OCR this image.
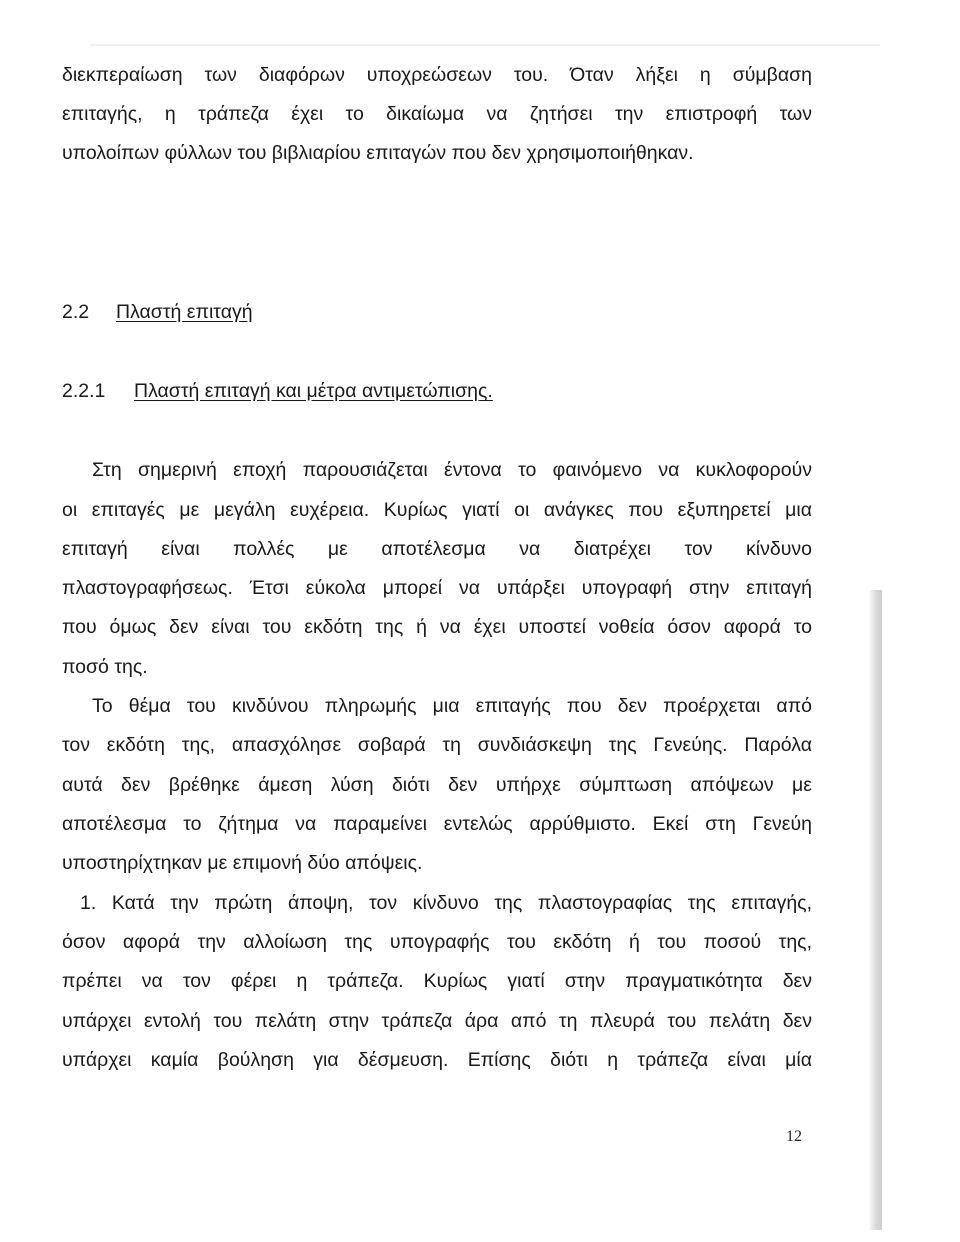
διεκπεραίωση των διαφόρων υποχρεώσεων του. Όταν λήξει η σύμβαση
επιταγής, η τράπεζα έχει το δικαίωμα να ζητήσει την επιστροφή των
υπολοίπων φύλλων του βιβλιαρίου επιταγών που δεν χρησιμοποιήθηκαν.
2.2 Πλαστή επιταγή
2.2.1 Πλαστή επιταγή και μέτρα αντιμετώπισης.
Στη σημερινή εποχή παρουσιάζεται έντονα το φαινόμενο να κυκλοφορούν
οι επιταγές με μεγάλη ευχέρεια. Κυρίως γιατί οι ανάγκες που εξυπηρετεί μια
επιταγή είναι πολλές με αποτέλεσμα να διατρέχει τον κίνδυνο
πλαστογραφήσεως. Έτσι εύκολα μπορεί να υπάρξει υπογραφή στην επιταγή
που όμως δεν είναι του εκδότη της ή να έχει υποστεί νοθεία όσον αφορά το
ποσό της.
Το θέμα του κινδύνου πληρωμής μια επιταγής που δεν προέρχεται από
τον εκδότη της, απασχόλησε σοβαρά τη συνδιάσκεψη της Γενεύης. Παρόλα
αυτά δεν βρέθηκε άμεση λύση διότι δεν υπήρχε σύμπτωση απόψεων με
αποτέλεσμα το ζήτημα να παραμείνει εντελώς αρρύθμιστο. Εκεί στη Γενεύη
υποστηρίχτηκαν με επιμονή δύο απόψεις.
1. Κατά την πρώτη άποψη, τον κίνδυνο της πλαστογραφίας της επιταγής,
όσον αφορά την αλλοίωση της υπογραφής του εκδότη ή του ποσού της,
πρέπει να τον φέρει η τράπεζα. Κυρίως γιατί στην πραγματικότητα δεν
υπάρχει εντολή του πελάτη στην τράπεζα άρα από τη πλευρά του πελάτη δεν
υπάρχει καμία βούληση για δέσμευση. Επίσης διότι η τράπεζα είναι μία
12
